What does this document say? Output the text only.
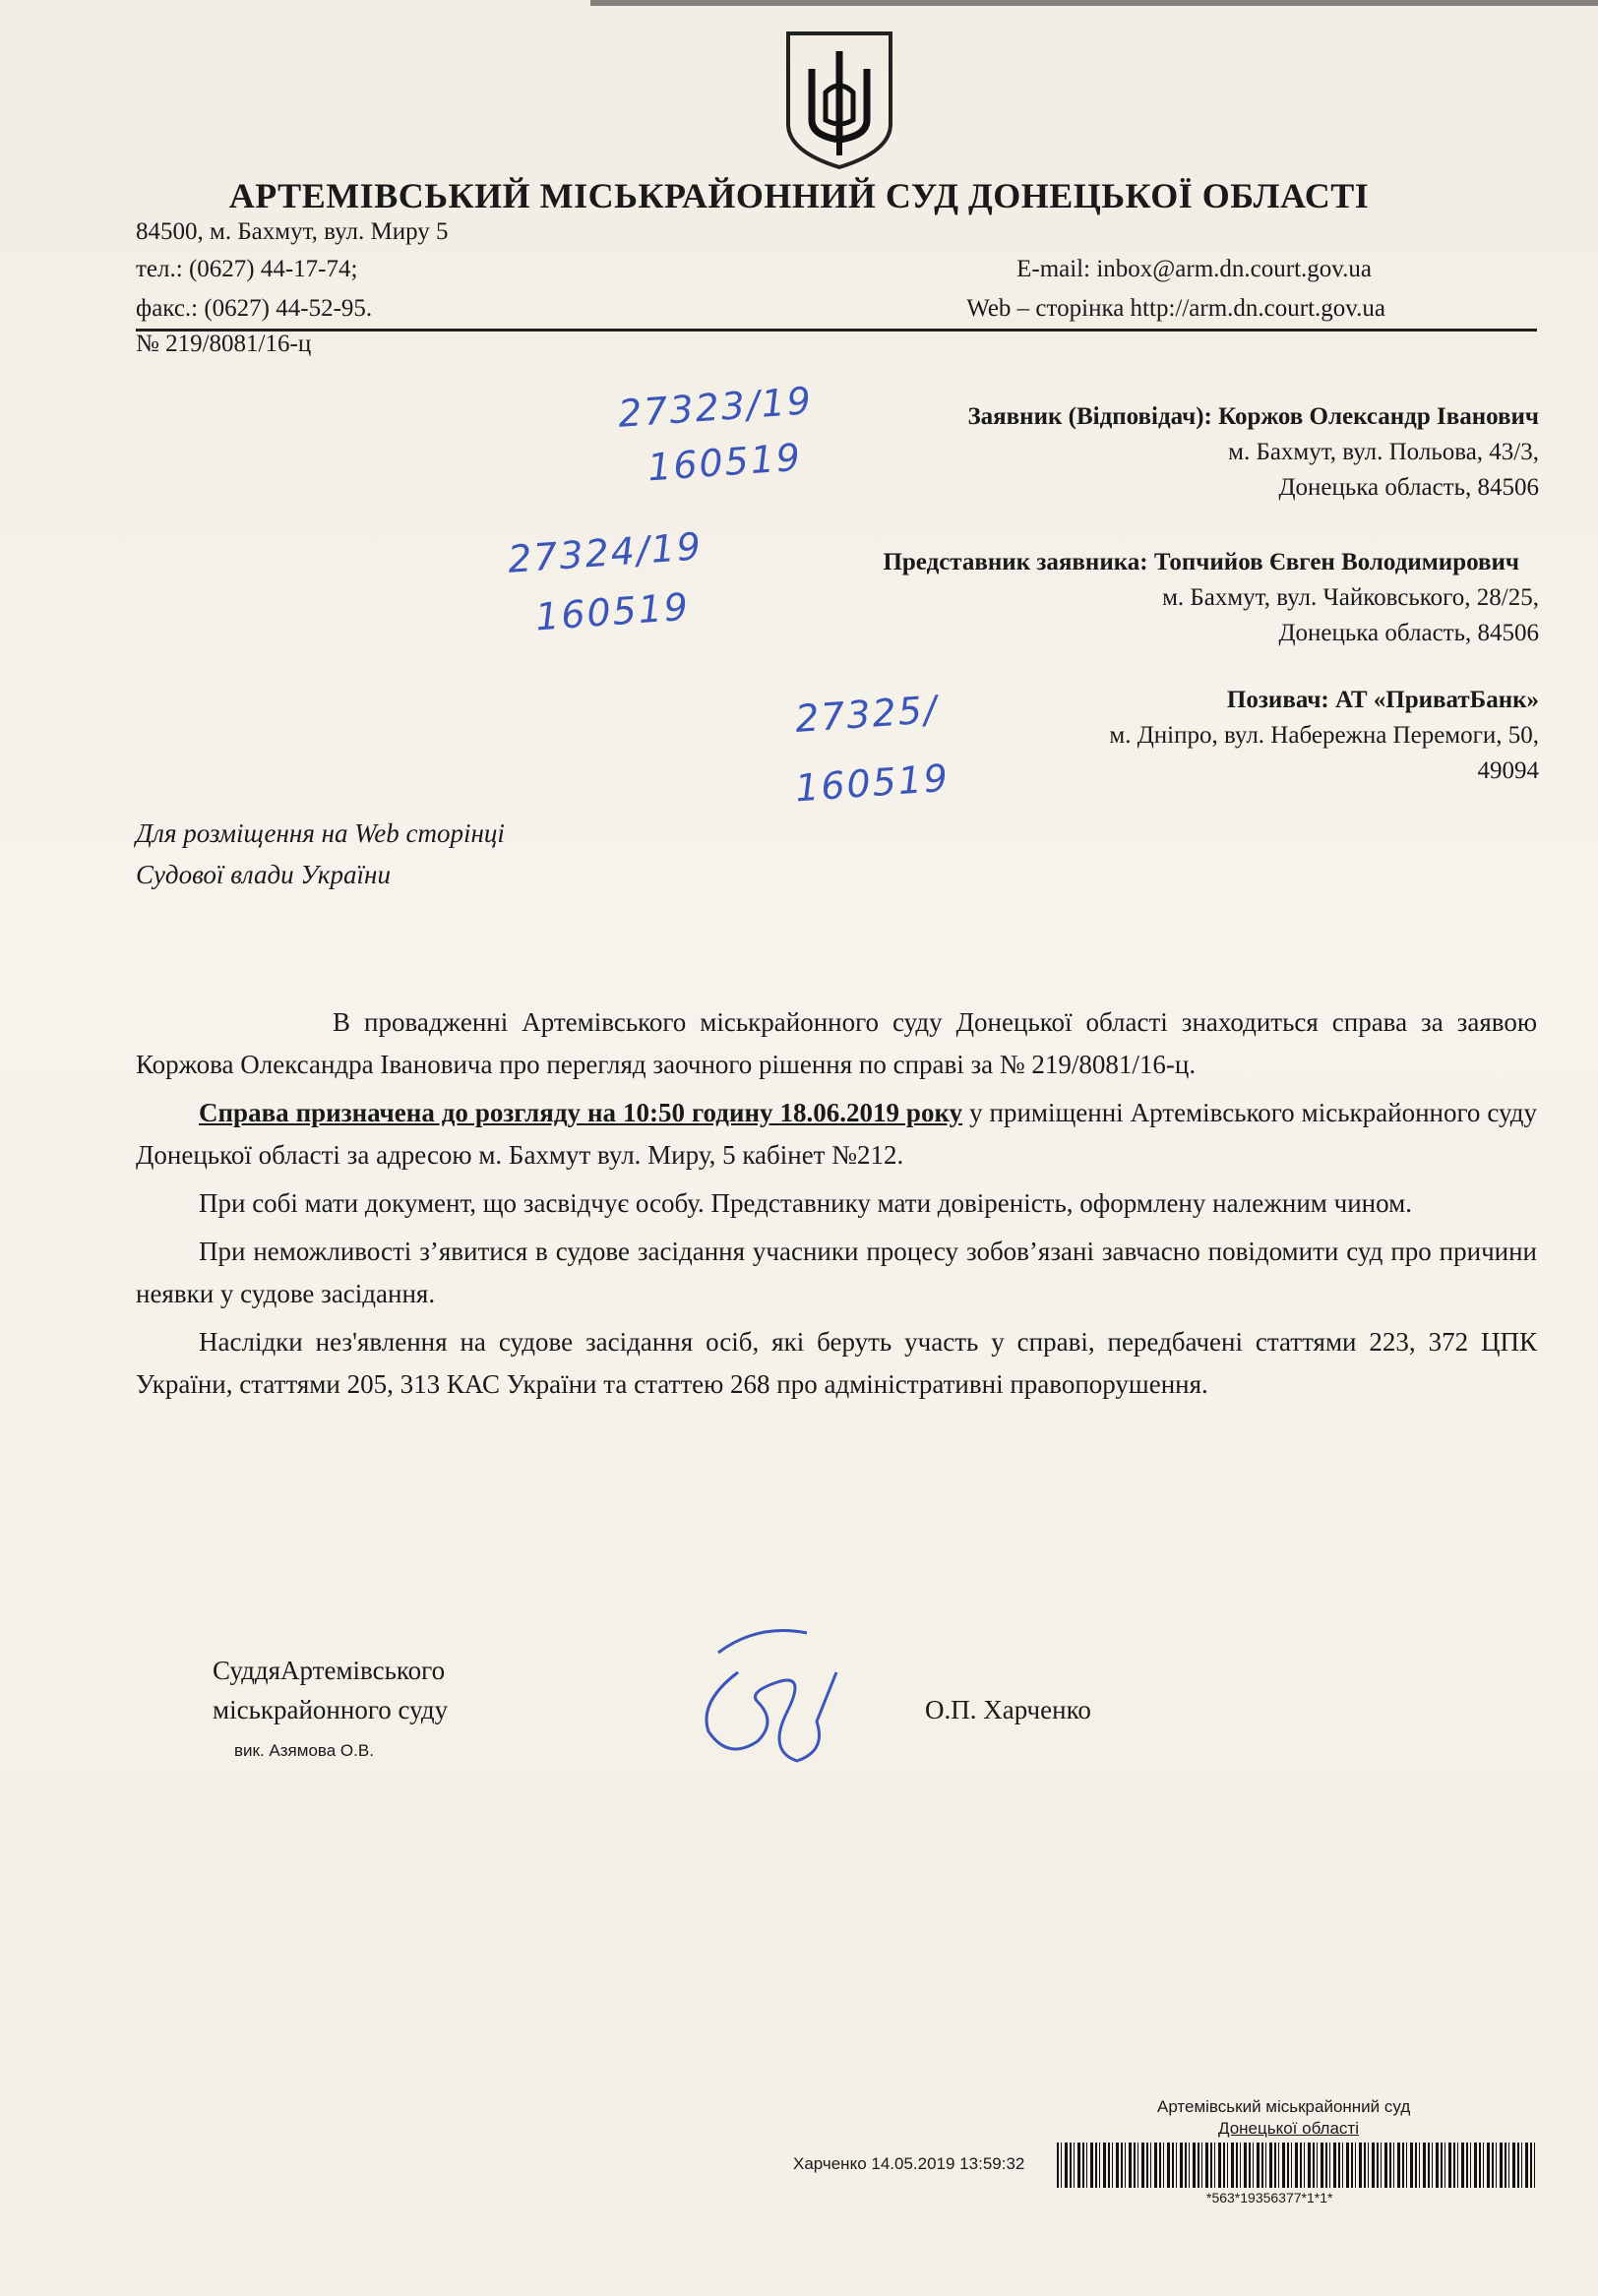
АРТЕМІВСЬКИЙ МІСЬКРАЙОННИЙ СУД ДОНЕЦЬКОЇ ОБЛАСТІ
84500, м. Бахмут, вул. Миру 5
тел.: (0627) 44-17-74;
факс.: (0627) 44-52-95.
E-mail: inbox@arm.dn.court.gov.ua
Web – сторінка http://arm.dn.court.gov.ua
№ 219/8081/16-ц
Заявник (Відповідач): Коржов Олександр Іванович
м. Бахмут, вул. Польова, 43/3,
Донецька область, 84506
27323/19
160519
Представник заявника: Топчийов Євген Володимирович
м. Бахмут, вул. Чайковського, 28/25,
Донецька область, 84506
27324/19
160519
Позивач: АТ «ПриватБанк»
м. Дніпро, вул. Набережна Перемоги, 50,
49094
27325/
160519
Для розміщення на Web сторінці
Судової влади України

В провадженні Артемівського міськрайонного суду Донецької області знаходиться справа за заявою Коржова Олександра Івановича про перегляд заочного рішення по справі за № 219/8081/16-ц.

Справа призначена до розгляду на 10:50 годину 18.06.2019 року у приміщенні Артемівського міськрайонного суду Донецької області за адресою м. Бахмут вул. Миру, 5 кабінет №212.

При собі мати документ, що засвідчує особу. Представнику мати довіреність, оформлену належним чином.

При неможливості з’явитися в судове засідання учасники процесу зобов’язані завчасно повідомити суд про причини неявки у судове засідання.

Наслідки нез'явлення на судове засідання осіб, які беруть участь у справі, передбачені статтями 223, 372 ЦПК України, статтями 205, 313 КАС України та статтею 268 про адміністративні правопорушення.

СуддяАртемівського
міськрайонного суду
вик. Азямова О.В.
О.П. Харченко
Артемівський міськрайонний суд
Донецької області
Харченко 14.05.2019 13:59:32
*563*19356377*1*1*
